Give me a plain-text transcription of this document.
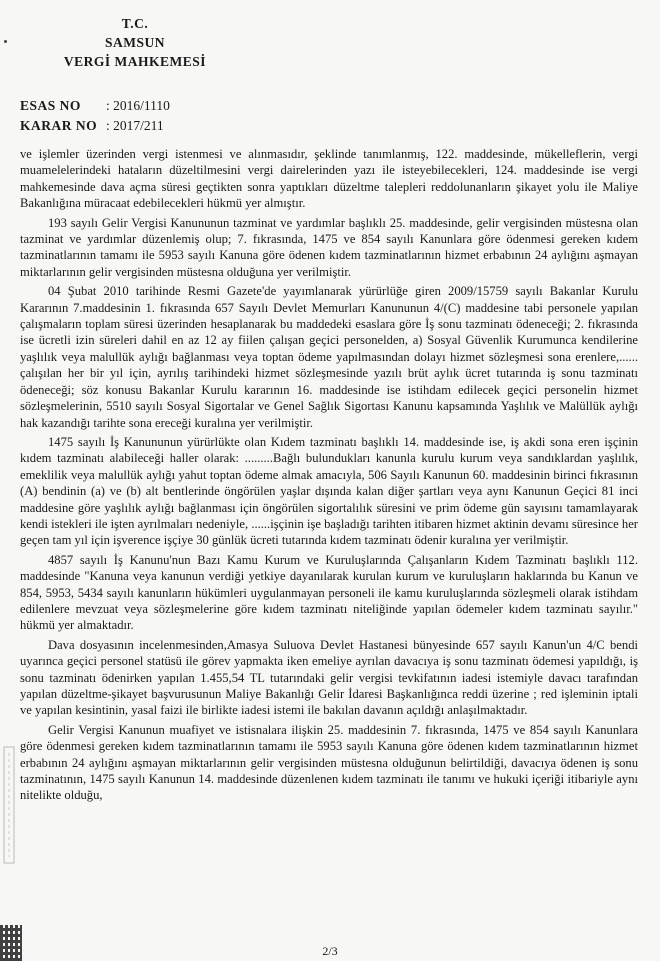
T.C.
SAMSUN
VERGİ MAHKEMESİ
ESAS NO	: 2016/1110
KARAR NO : 2017/211

ve işlemler üzerinden vergi istenmesi ve alınmasıdır, şeklinde tanımlanmış, 122. maddesinde, mükelleflerin, vergi muamelelerindeki hataların düzeltilmesini vergi dairelerinden yazı ile isteyebilecekleri, 124. maddesinde ise vergi mahkemesinde dava açma süresi geçtikten sonra yaptıkları düzeltme talepleri reddolunanların şikayet yolu ile Maliye Bakanlığına müracaat edebilecekleri hükmü yer almıştır.

193 sayılı Gelir Vergisi Kanununun tazminat ve yardımlar başlıklı 25. maddesinde, gelir vergisinden müstesna olan tazminat ve yardımlar düzenlemiş olup; 7. fıkrasında, 1475 ve 854 sayılı Kanunlara göre ödenmesi gereken kıdem tazminatlarının tamamı ile 5953 sayılı Kanuna göre ödenen kıdem tazminatlarının hizmet erbabının 24 aylığını aşmayan miktarlarının gelir vergisinden müstesna olduğuna yer verilmiştir.

04 Şubat 2010 tarihinde Resmi Gazete'de yayımlanarak yürürlüğe giren 2009/15759 sayılı Bakanlar Kurulu Kararının 7.maddesinin 1. fıkrasında 657 Sayılı Devlet Memurları Kanununun 4/(C) maddesine tabi personele yapılan çalışmaların toplam süresi üzerinden hesaplanarak bu maddedeki esaslara göre İş sonu tazminatı ödeneceği; 2. fıkrasında ise ücretli izin süreleri dahil en az 12 ay fiilen çalışan geçici personelden, a) Sosyal Güvenlik Kurumunca kendilerine yaşlılık veya malullük aylığı bağlanması veya toptan ödeme yapılmasından dolayı hizmet sözleşmesi sona erenlere,...... çalışılan her bir yıl için, ayrılış tarihindeki hizmet sözleşmesinde yazılı brüt aylık ücret tutarında iş sonu tazminatı ödeneceği; söz konusu Bakanlar Kurulu kararının 16. maddesinde ise istihdam edilecek geçici personelin hizmet sözleşmelerinin, 5510 sayılı Sosyal Sigortalar ve Genel Sağlık Sigortası Kanunu kapsamında Yaşlılık ve Malüllük aylığı hak kazandığı tarihte sona ereceği kuralına yer verilmiştir.

1475 sayılı İş Kanununun yürürlükte olan Kıdem tazminatı başlıklı 14. maddesinde ise, iş akdi sona eren işçinin kıdem tazminatı alabileceği haller olarak: .........Bağlı bulundukları kanunla kurulu kurum veya sandıklardan yaşlılık, emeklilik veya malullük aylığı yahut toptan ödeme almak amacıyla, 506 Sayılı Kanunun 60. maddesinin birinci fıkrasının (A) bendinin (a) ve (b) alt bentlerinde öngörülen yaşlar dışında kalan diğer şartları veya aynı Kanunun Geçici 81 inci maddesine göre yaşlılık aylığı bağlanması için öngörülen sigortalılık süresini ve prim ödeme gün sayısını tamamlayarak kendi istekleri ile işten ayrılmaları nedeniyle, ......işçinin işe başladığı tarihten itibaren hizmet aktinin devamı süresince her geçen tam yıl için işverence işçiye 30 günlük ücreti tutarında kıdem tazminatı ödenir kuralına yer verilmiştir.

4857 sayılı İş Kanunu'nun Bazı Kamu Kurum ve Kuruluşlarında Çalışanların Kıdem Tazminatı başlıklı 112. maddesinde "Kanuna veya kanunun verdiği yetkiye dayanılarak kurulan kurum ve kuruluşların haklarında bu Kanun ve 854, 5953, 5434 sayılı kanunların hükümleri uygulanmayan personeli ile kamu kuruluşlarında sözleşmeli olarak istihdam edilenlere mevzuat veya sözleşmelerine göre kıdem tazminatı niteliğinde yapılan ödemeler kıdem tazminatı sayılır." hükmü yer almaktadır.

Dava dosyasının incelenmesinden,Amasya Suluova Devlet Hastanesi bünyesinde 657 sayılı Kanun'un 4/C bendi uyarınca geçici personel statüsü ile görev yapmakta iken emeliye ayrılan davacıya iş sonu tazminatı ödemesi yapıldığı, iş sonu tazminatı ödenirken yapılan 1.455,54 TL tutarındaki gelir vergisi tevkifatının iadesi istemiyle davacı tarafından yapılan düzeltme-şikayet başvurusunun Maliye Bakanlığı Gelir İdaresi Başkanlığınca reddi üzerine ; red işleminin iptali ve yapılan kesintinin, yasal faizi ile birlikte iadesi istemi ile bakılan davanın açıldığı anlaşılmaktadır.

Gelir Vergisi Kanunun muafiyet ve istisnalara ilişkin 25. maddesinin 7. fıkrasında, 1475 ve 854 sayılı Kanunlara göre ödenmesi gereken kıdem tazminatlarının tamamı ile 5953 sayılı Kanuna göre ödenen kıdem tazminatlarının hizmet erbabının 24 aylığını aşmayan miktarlarının gelir vergisinden müstesna olduğunun belirtildiği, davacıya ödenen iş sonu tazminatının, 1475 sayılı Kanunun 14. maddesinde düzenlenen kıdem tazminatı ile tanımı ve hukuki içeriği itibariyle aynı nitelikte olduğu,

2/3
